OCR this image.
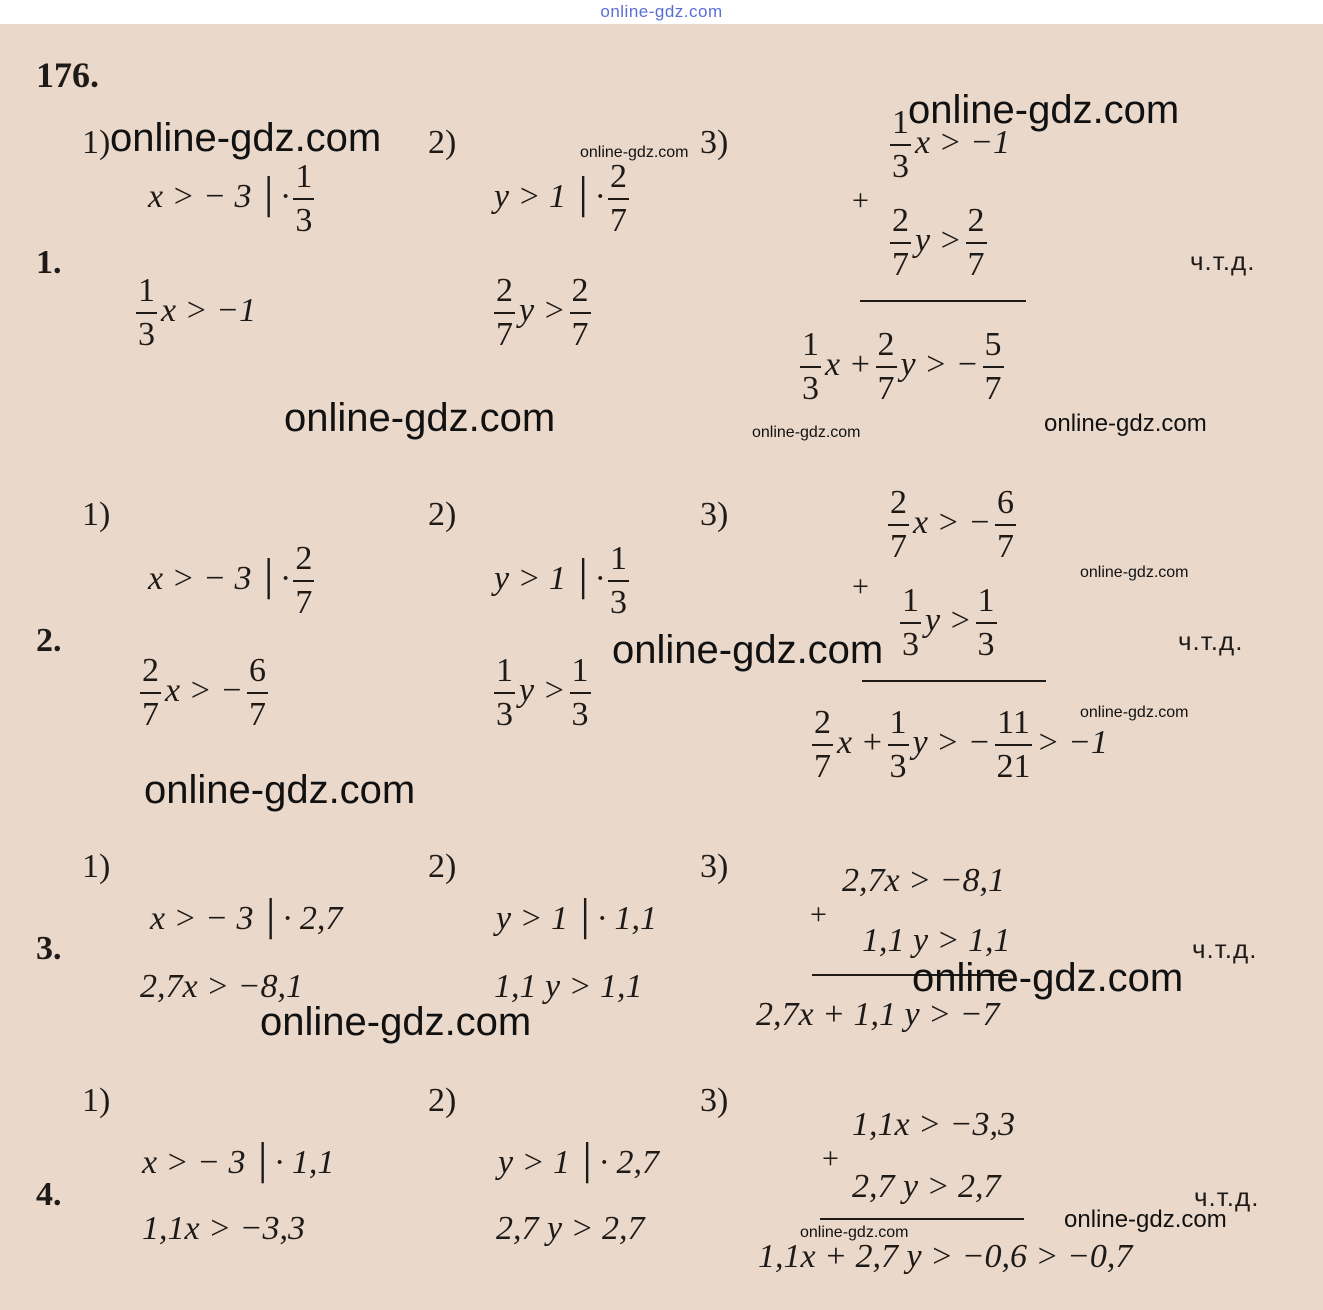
online-gdz.com
176.
1.
1)	2)	3)
x > − 3 │· $\frac{1}{3}$
$\frac{1}{3}$ x > −1
y > 1 │· $\frac{2}{7}$
$\frac{2}{7}$ $y > \frac{2}{7}$
$\frac{1}{3}$ x > −1
+
$\frac{2}{7}$ $y > \frac{2}{7}$
$\frac{1}{3}$ $x + \frac{2}{7}$ y > − $\frac{5}{7}$
ч.т.д.
2.
1)	2)	3)
x > − 3 │· $\frac{2}{7}$
$\frac{2}{7}$ x > − $\frac{6}{7}$
y > 1 │· $\frac{1}{3}$
$\frac{1}{3}$ $y > \frac{1}{3}$
$\frac{2}{7}$ x > − $\frac{6}{7}$
+ $\frac{1}{3}$ $y > \frac{1}{3}$
$\frac{2}{7}$ $x + \frac{1}{3}$ y > − $\frac{11}{21} > -1$
ч.т.д.
3.
1)	2)	3)
x > − 3 │· 2,7
2,7x > −8,1
y > 1 │· 1,1
1,1 y > 1,1
2,7x > −8,1
+
1,1 y > 1,1
2,7x + 1,1 y > −7
ч.т.д.
4.
1)	2)	3)
x > − 3 │· 1,1
1,1x > −3,3
y > 1 │· 2,7
2,7 y > 2,7
1,1x > −3,3
+
2,7 y > 2,7
1,1x + 2,7 y > −0,6 > −0,7
ч.т.д.
online-gdz.com	online-gdz.com
online-gdz.com
online-gdz.com	online-gdz.com	online-gdz.com
online-gdz.com
online-gdz.com
online-gdz.com
online-gdz.com
online-gdz.com
online-gdz.com
online-gdz.com	online-gdz.com
